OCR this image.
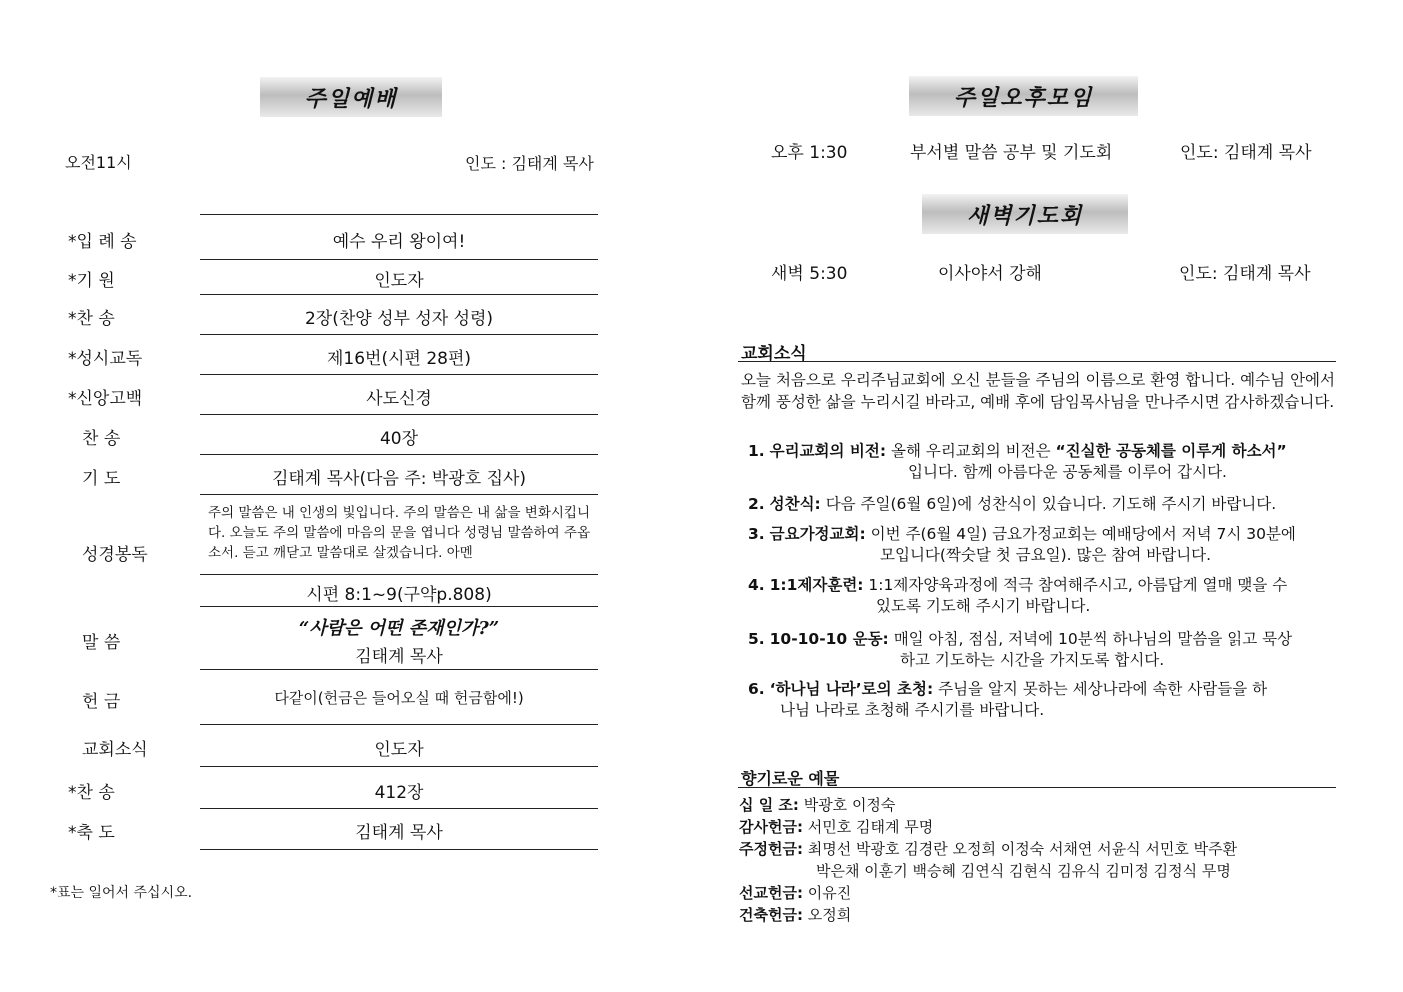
주일예배
오전11시	인도 : 김태계 목사
*입 례 송	예수 우리 왕이여!
*기 원	인도자
*찬 송	2장(찬양 성부 성자 성령)
*성시교독	제16번(시편 28편)
*신앙고백	사도신경
찬 송	40장
기 도	김태계 목사(다음 주: 박광호 집사)
성경봉독
주의 말씀은 내 인생의 빛입니다. 주의 말씀은 내 삶을 변화시킵니다. 오늘도 주의 말씀에 마음의 문을 엽니다 성령님 말씀하여 주옵소서. 듣고 깨닫고 말씀대로 살겠습니다. 아멘
시편 8:1~9(구약p.808)
말 씀
“사람은 어떤 존재인가?”
김태계 목사
헌 금	다같이(헌금은 들어오실 때 헌금함에!)
교회소식	인도자
*찬 송	412장
*축 도	김태계 목사
*표는 일어서 주십시오.
주일오후모임
오후 1:30	부서별 말씀 공부 및 기도회	인도: 김태계 목사
새벽기도회
새벽 5:30	이사야서 강해	인도: 김태계 목사
교회소식
오늘 처음으로 우리주님교회에 오신 분들을 주님의 이름으로 환영 합니다. 예수님 안에서 함께 풍성한 삶을 누리시길 바라고, 예배 후에 담임목사님을 만나주시면 감사하겠습니다.
1. 우리교회의 비전: 올해 우리교회의 비전은 “진실한 공동체를 이루게 하소서”
입니다. 함께 아름다운 공동체를 이루어 갑시다.
2. 성찬식: 다음 주일(6월 6일)에 성찬식이 있습니다. 기도해 주시기 바랍니다.
3. 금요가정교회: 이번 주(6월 4일) 금요가정교회는 예배당에서 저녁 7시 30분에
모입니다(짝숫달 첫 금요일). 많은 참여 바랍니다.
4. 1:1제자훈련: 1:1제자양육과정에 적극 참여해주시고, 아름답게 열매 맺을 수
있도록 기도해 주시기 바랍니다.
5. 10-10-10 운동: 매일 아침, 점심, 저녁에 10분씩 하나님의 말씀을 읽고 묵상
하고 기도하는 시간을 가지도록 합시다.
6. ‘하나님 나라’로의 초청: 주님을 알지 못하는 세상나라에 속한 사람들을 하
나님 나라로 초청해 주시기를 바랍니다.
향기로운 예물
십 일 조: 박광호 이정숙
감사헌금: 서민호 김태계 무명
주정헌금: 최명선 박광호 김경란 오정희 이정숙 서채연 서윤식 서민호 박주환
박은채 이훈기 백승혜 김연식 김현식 김유식 김미정 김정식 무명
선교헌금: 이유진
건축헌금: 오정희
